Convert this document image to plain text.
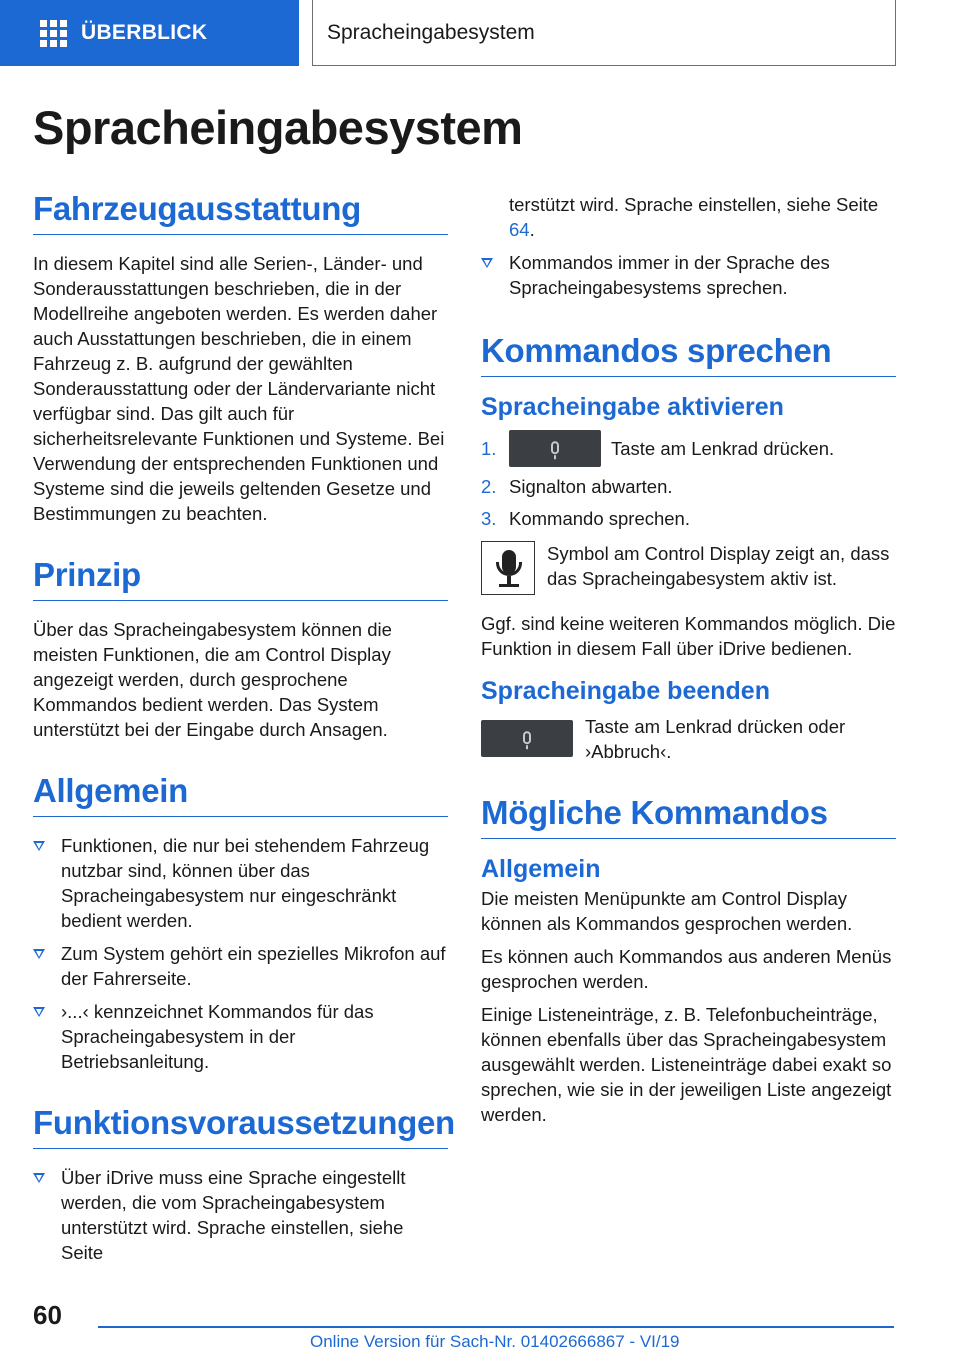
ÜBERBLICK	Spracheingabesystem
Spracheingabesystem
Fahrzeugausstattung

In diesem Kapitel sind alle Serien-, Länder- und Sonderausstattungen beschrieben, die in der Modellreihe angeboten werden. Es werden daher auch Ausstattungen beschrieben, die in einem Fahrzeug z. B. aufgrund der gewählten Sonderausstattung oder der Ländervariante nicht verfügbar sind. Das gilt auch für sicherheitsrelevante Funktionen und Systeme. Bei Verwendung der entsprechenden Funktionen und Systeme sind die jeweils geltenden Gesetze und Bestimmungen zu beachten.

Prinzip

Über das Spracheingabesystem können die meisten Funktionen, die am Control Display angezeigt werden, durch gesprochene Kommandos bedient werden. Das System unterstützt bei der Eingabe durch Ansagen.

Allgemein
Funktionen, die nur bei stehendem Fahrzeug nutzbar sind, können über das Spracheingabesystem nur eingeschränkt bedient werden.
Zum System gehört ein spezielles Mikrofon auf der Fahrerseite.
›...‹ kennzeichnet Kommandos für das Spracheingabesystem in der Betriebsanleitung.
Funktionsvoraussetzungen
Über iDrive muss eine Sprache eingestellt werden, die vom Spracheingabesystem unterstützt wird. Sprache einstellen, siehe Seite
terstützt wird. Sprache einstellen, siehe Seite 64.
Kommandos immer in der Sprache des Spracheingabesystems sprechen.
Kommandos sprechen
Spracheingabe aktivieren
1.	Taste am Lenkrad drücken.
2. Signalton abwarten.
3. Kommando sprechen.

Symbol am Control Display zeigt an, dass das Spracheingabesystem aktiv ist.

Ggf. sind keine weiteren Kommandos möglich. Die Funktion in diesem Fall über iDrive bedienen.

Spracheingabe beenden

Taste am Lenkrad drücken oder ›Abbruch‹.

Mögliche Kommandos
Allgemein

Die meisten Menüpunkte am Control Display können als Kommandos gesprochen werden.

Es können auch Kommandos aus anderen Menüs gesprochen werden.

Einige Listeneinträge, z. B. Telefonbucheinträge, können ebenfalls über das Spracheingabesystem ausgewählt werden. Listeneinträge dabei exakt so sprechen, wie sie in der jeweiligen Liste angezeigt werden.

60
Online Version für Sach-Nr. 01402666867 - VI/19
